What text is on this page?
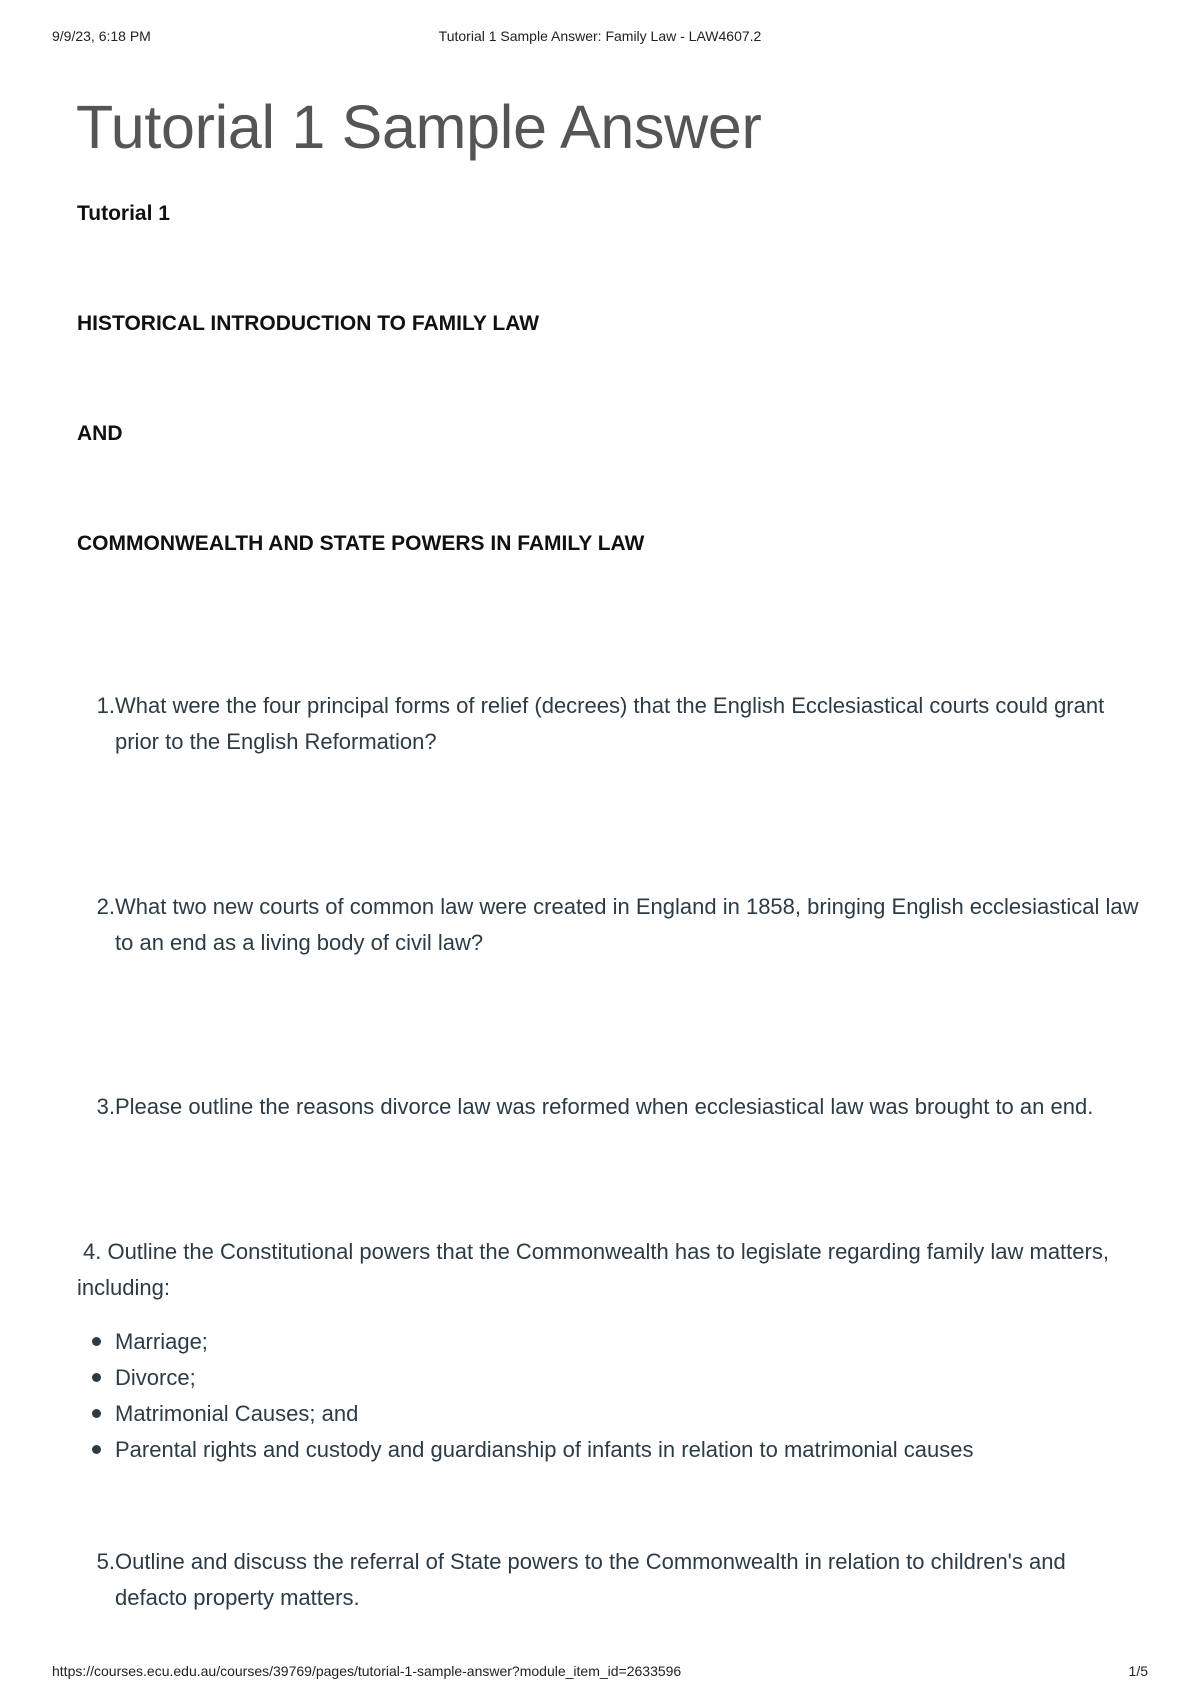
9/9/23, 6:18 PM	Tutorial 1 Sample Answer: Family Law - LAW4607.2
Tutorial 1 Sample Answer

Tutorial 1

HISTORICAL INTRODUCTION TO FAMILY LAW

AND

COMMONWEALTH AND STATE POWERS IN FAMILY LAW

1. What were the four principal forms of relief (decrees) that the English Ecclesiastical courts could grant prior to the English Reformation?
2. What two new courts of common law were created in England in 1858, bringing English ecclesiastical law to an end as a living body of civil law?
3. Please outline the reasons divorce law was reformed when ecclesiastical law was brought to an end.

4. Outline the Constitutional powers that the Commonwealth has to legislate regarding family law matters, including:

Marriage;
Divorce;
Matrimonial Causes; and
Parental rights and custody and guardianship of infants in relation to matrimonial causes
5. Outline and discuss the referral of State powers to the Commonwealth in relation to children's and defacto property matters.
https://courses.ecu.edu.au/courses/39769/pages/tutorial-1-sample-answer?module_item_id=2633596	1/5
